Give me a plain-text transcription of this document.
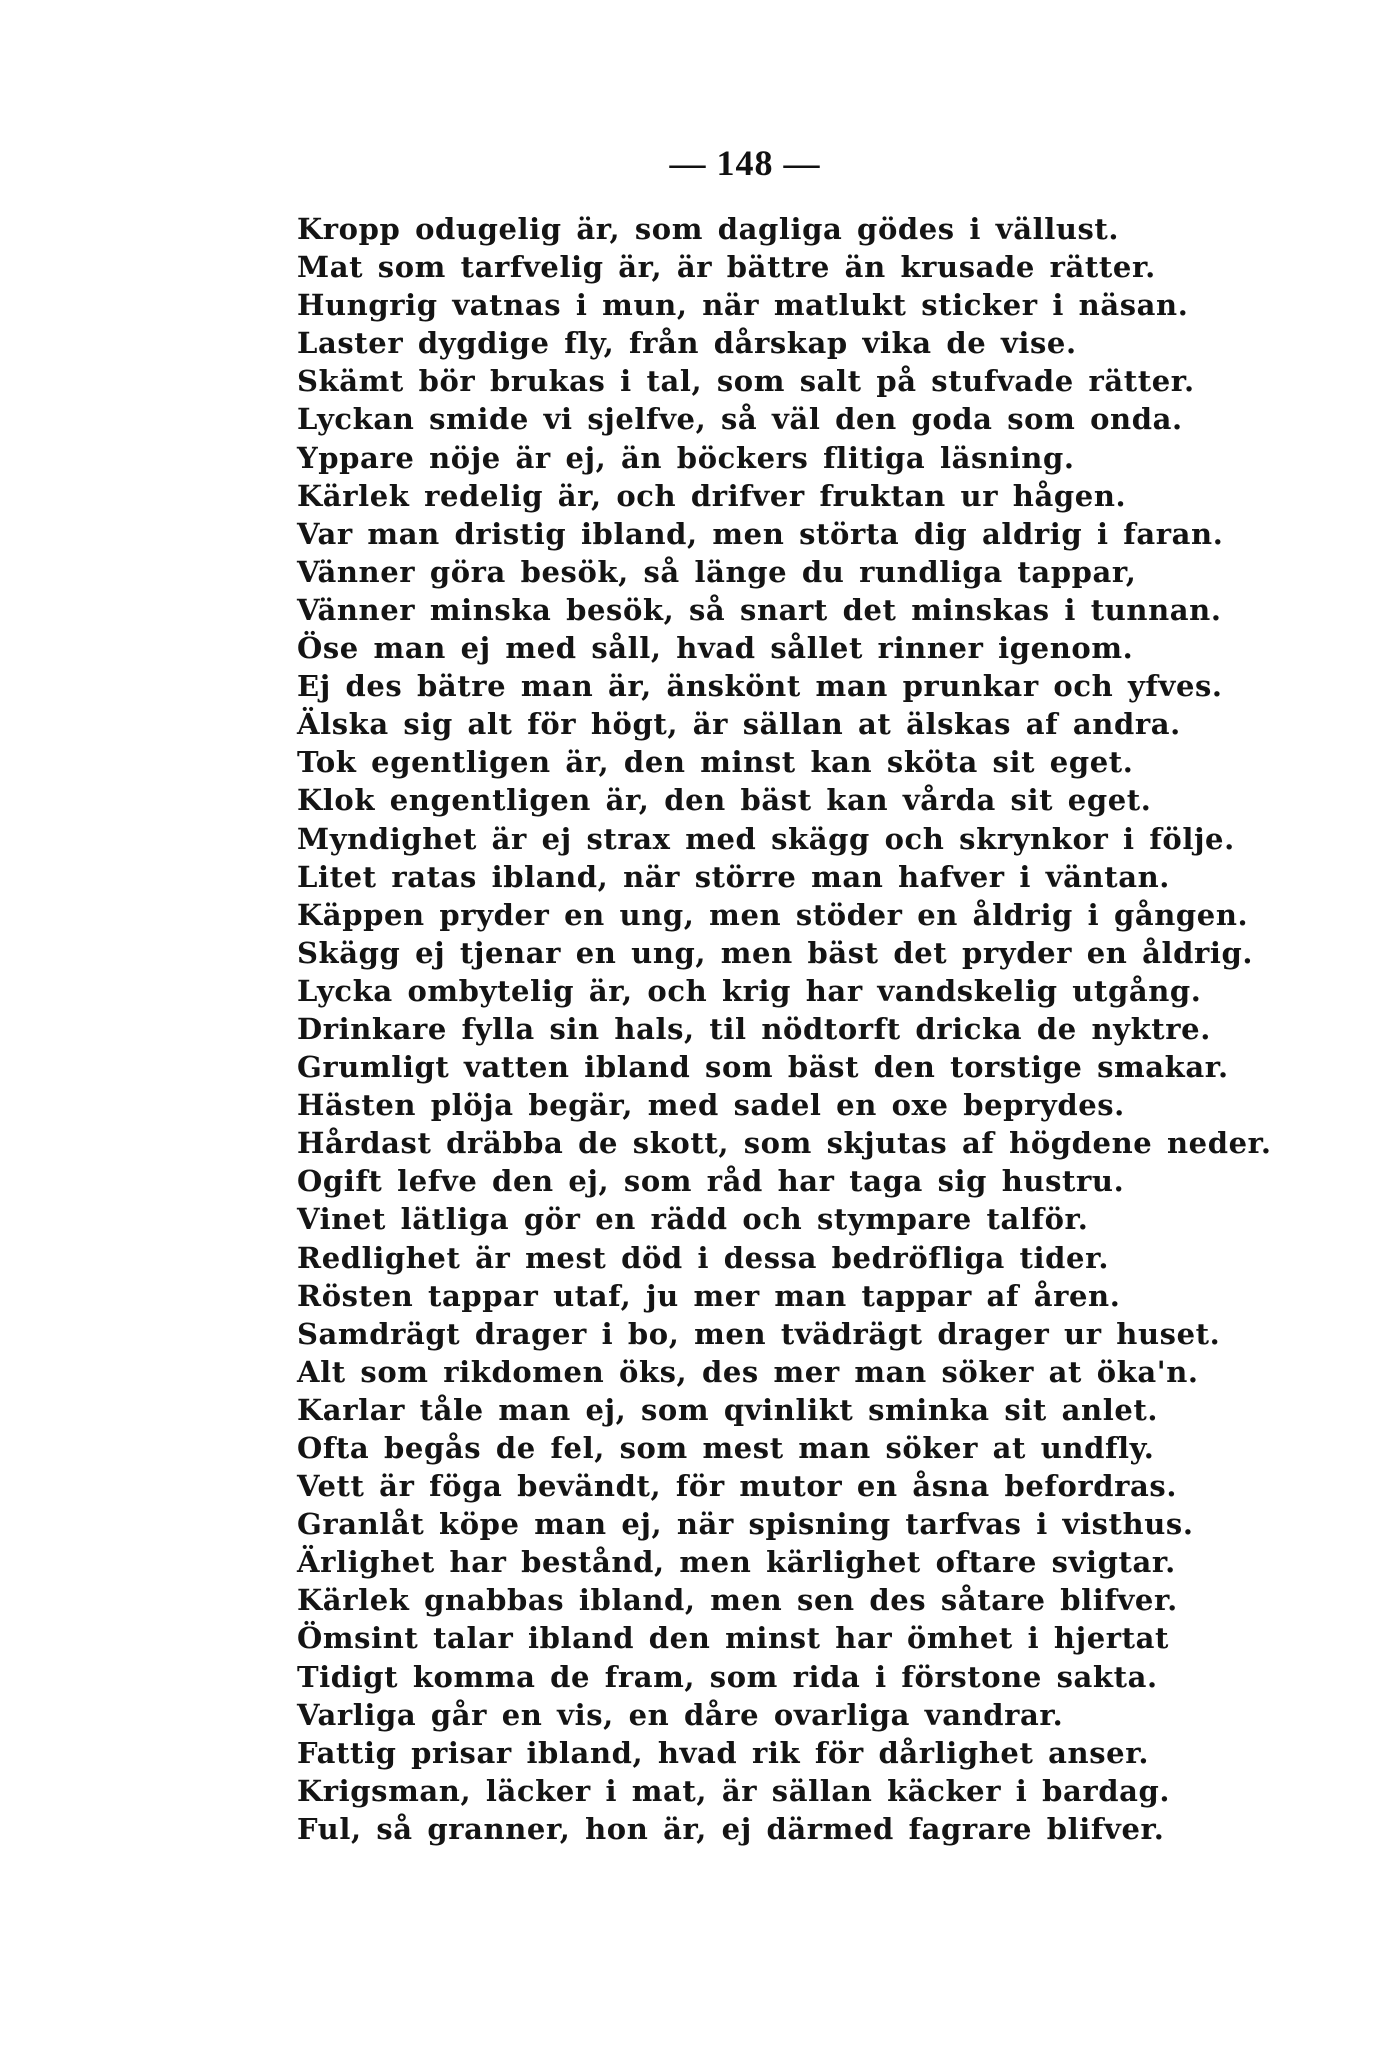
— 148 —
Kropp odugelig är, som dagliga gödes i vällust.
Mat som tarfvelig är, är bättre än krusade rätter.
Hungrig vatnas i mun, när matlukt sticker i näsan.
Laster dygdige fly, från dårskap vika de vise.
Skämt bör brukas i tal, som salt på stufvade rätter.
Lyckan smide vi sjelfve, så väl den goda som onda.
Yppare nöje är ej, än böckers flitiga läsning.
Kärlek redelig är, och drifver fruktan ur hågen.
Var man dristig ibland, men störta dig aldrig i faran.
Vänner göra besök, så länge du rundliga tappar,
Vänner minska besök, så snart det minskas i tunnan.
Öse man ej med såll, hvad sållet rinner igenom.
Ej des bätre man är, änskönt man prunkar och yfves.
Älska sig alt för högt, är sällan at älskas af andra.
Tok egentligen är, den minst kan sköta sit eget.
Klok engentligen är, den bäst kan vårda sit eget.
Myndighet är ej strax med skägg och skrynkor i följe.
Litet ratas ibland, när större man hafver i väntan.
Käppen pryder en ung, men stöder en åldrig i gången.
Skägg ej tjenar en ung, men bäst det pryder en åldrig.
Lycka ombytelig är, och krig har vandskelig utgång.
Drinkare fylla sin hals, til nödtorft dricka de nyktre.
Grumligt vatten ibland som bäst den torstige smakar.
Hästen plöja begär, med sadel en oxe beprydes.
Hårdast dräbba de skott, som skjutas af högdene neder.
Ogift lefve den ej, som råd har taga sig hustru.
Vinet lätliga gör en rädd och stympare talför.
Redlighet är mest död i dessa bedröfliga tider.
Rösten tappar utaf, ju mer man tappar af åren.
Samdrägt drager i bo, men tvädrägt drager ur huset.
Alt som rikdomen öks, des mer man söker at öka'n.
Karlar tåle man ej, som qvinlikt sminka sit anlet.
Ofta begås de fel, som mest man söker at undfly.
Vett är föga bevändt, för mutor en åsna befordras.
Granlåt köpe man ej, när spisning tarfvas i visthus.
Ärlighet har bestånd, men kärlighet oftare svigtar.
Kärlek gnabbas ibland, men sen des såtare blifver.
Ömsint talar ibland den minst har ömhet i hjertat
Tidigt komma de fram, som rida i förstone sakta.
Varliga går en vis, en dåre ovarliga vandrar.
Fattig prisar ibland, hvad rik för dårlighet anser.
Krigsman, läcker i mat, är sällan käcker i bardag.
Ful, så granner, hon är, ej därmed fagrare blifver.
